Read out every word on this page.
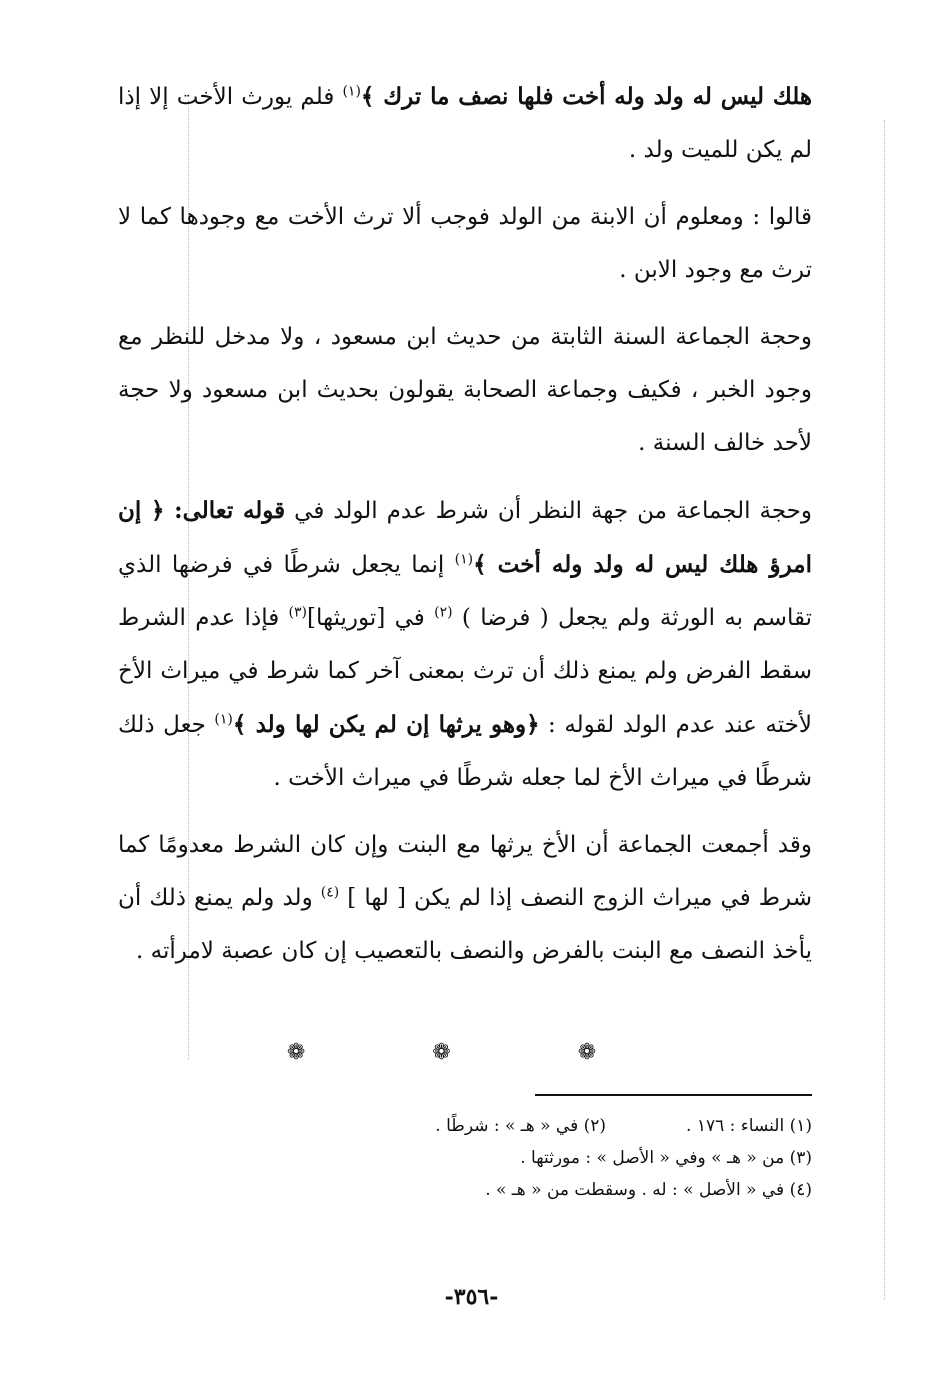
هلك ليس له ولد وله أخت فلها نصف ما ترك ﴾$^{(١)}$ فلم يورث الأخت إلا إذا لم يكن للميت ولد .

قالوا : ومعلوم أن الابنة من الولد فوجب ألا ترث الأخت مع وجودها كما لا ترث مع وجود الابن .

وحجة الجماعة السنة الثابتة من حديث ابن مسعود ، ولا مدخل للنظر مع وجود الخبر ، فكيف وجماعة الصحابة يقولون بحديث ابن مسعود ولا حجة لأحد خالف السنة .

وحجة الجماعة من جهة النظر أن شرط عدم الولد في قوله تعالى: ﴿ إن امرؤ هلك ليس له ولد وله أخت ﴾$^{(١)}$ إنما يجعل شرطًا في فرضها الذي تقاسم به الورثة ولم يجعل ( فرضا ) $^{(٢)}$ في [توريثها]$^{(٣)}$ فإذا عدم الشرط سقط الفرض ولم يمنع ذلك أن ترث بمعنى آخر كما شرط في ميراث الأخ لأخته عند عدم الولد لقوله : ﴿وهو يرثها إن لم يكن لها ولد ﴾$^{(١)}$ جعل ذلك شرطًا في ميراث الأخ لما جعله شرطًا في ميراث الأخت .

وقد أجمعت الجماعة أن الأخ يرثها مع البنت وإن كان الشرط معدومًا كما شرط في ميراث الزوج النصف إذا لم يكن [ لها ] $^{(٤)}$ ولد ولم يمنع ذلك أن يأخذ النصف مع البنت بالفرض والنصف بالتعصيب إن كان عصبة لامرأته .

❁ ❁ ❁
(١) النساء : ١٧٦ .(٢) في « هـ » : شرطًا .
(٣) من « هـ » وفي « الأصل » : مورثتها .
(٤) في « الأصل » : له . وسقطت من « هـ » .
-٣٥٦-
